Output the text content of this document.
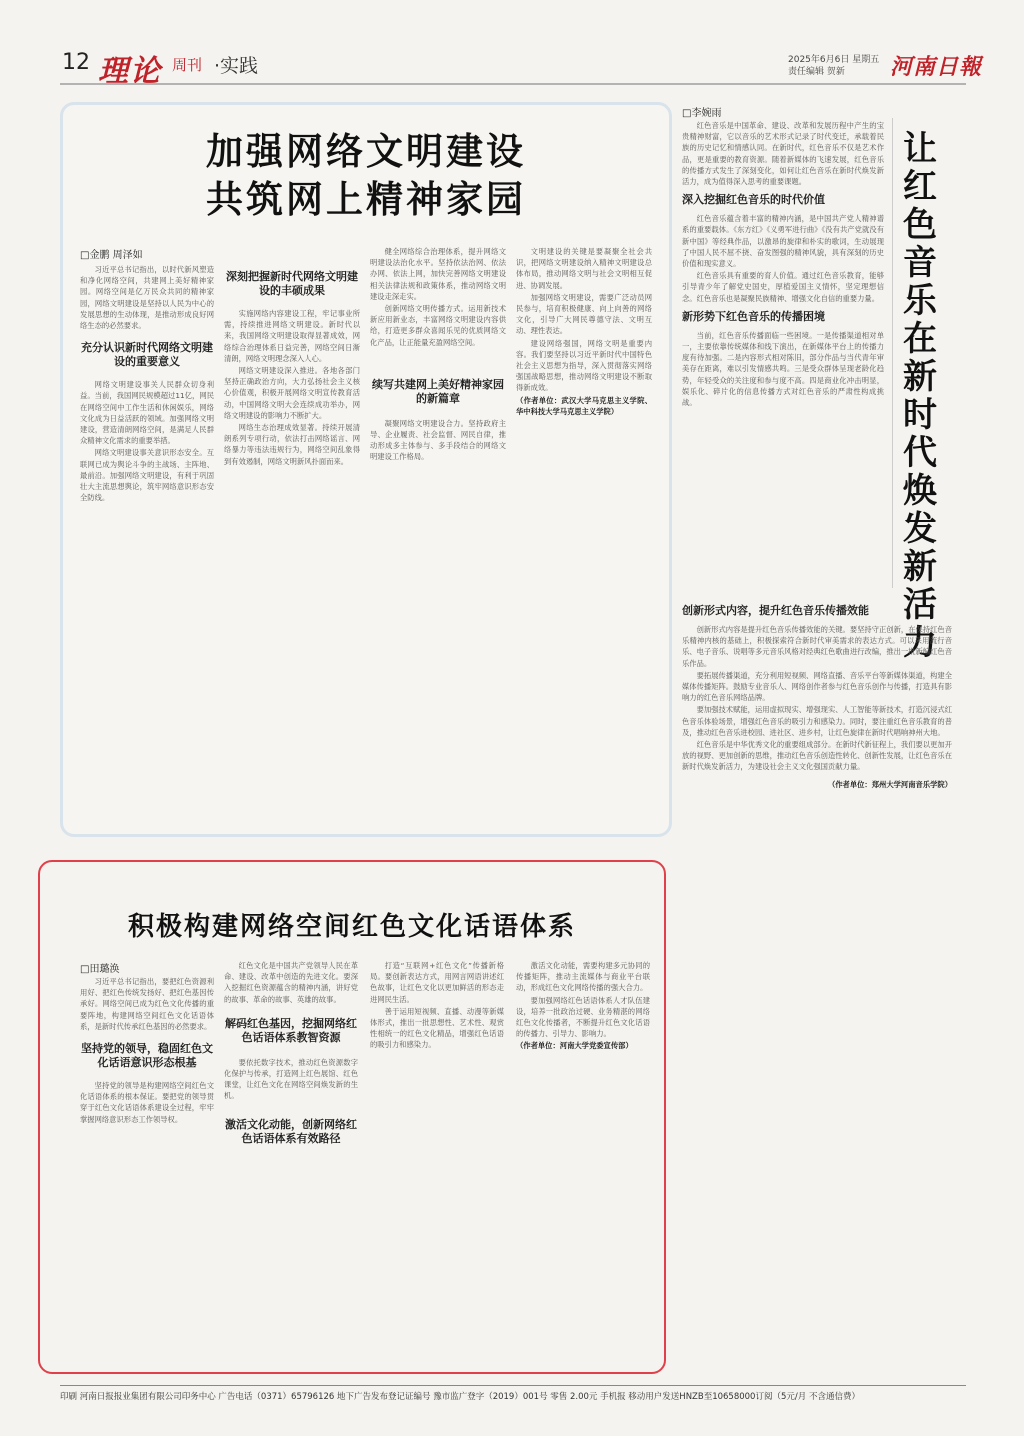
12 理论 周刊 ·实践	2025年6月6日 星期五
责任编辑 贺新 河南日報
加强网络文明建设
共筑网上精神家园
□金鹏 周泽如

习近平总书记指出，以时代新风塑造和净化网络空间，共建网上美好精神家园。网络空间是亿万民众共同的精神家园，网络文明建设是坚持以人民为中心的发展思想的生动体现，是推动形成良好网络生态的必然要求。

充分认识新时代网络文明建设的重要意义

网络文明建设事关人民群众切身利益。当前，我国网民规模超过11亿，网民在网络空间中工作生活和休闲娱乐，网络文化成为日益活跃的领域。加强网络文明建设，营造清朗网络空间，是满足人民群众精神文化需求的重要举措。

网络文明建设事关意识形态安全。互联网已成为舆论斗争的主战场、主阵地、最前沿。加强网络文明建设，有利于巩固壮大主流思想舆论，筑牢网络意识形态安全防线。

深刻把握新时代网络文明建设的丰硕成果

实施网络内容建设工程，牢记事业所需，持续推进网络文明建设。新时代以来，我国网络文明建设取得显著成效，网络综合治理体系日益完善，网络空间日渐清朗，网络文明理念深入人心。

网络文明建设深入推进。各地各部门坚持正确政治方向，大力弘扬社会主义核心价值观，积极开展网络文明宣传教育活动，中国网络文明大会连续成功举办，网络文明建设的影响力不断扩大。

网络生态治理成效显著。持续开展清朗系列专项行动，依法打击网络谣言、网络暴力等违法违规行为，网络空间乱象得到有效遏制，网络文明新风扑面而来。

健全网络综合治理体系，提升网络文明建设法治化水平。坚持依法治网、依法办网、依法上网，加快完善网络文明建设相关法律法规和政策体系，推动网络文明建设走深走实。

创新网络文明传播方式。运用新技术新应用新业态，丰富网络文明建设内容供给，打造更多群众喜闻乐见的优质网络文化产品，让正能量充盈网络空间。

续写共建网上美好精神家园的新篇章

凝聚网络文明建设合力。坚持政府主导、企业履责、社会监督、网民自律，推动形成多主体参与、多手段结合的网络文明建设工作格局。

文明建设的关键是要凝聚全社会共识，把网络文明建设纳入精神文明建设总体布局，推动网络文明与社会文明相互促进、协调发展。

加强网络文明建设，需要广泛动员网民参与，培育积极健康、向上向善的网络文化，引导广大网民尊德守法、文明互动、理性表达。

建设网络强国，网络文明是重要内容。我们要坚持以习近平新时代中国特色社会主义思想为指导，深入贯彻落实网络强国战略思想，推动网络文明建设不断取得新成效。

（作者单位：武汉大学马克思主义学院、华中科技大学马克思主义学院）

积极构建网络空间红色文化话语体系
□田璐涣

习近平总书记指出，要把红色资源利用好、把红色传统发扬好、把红色基因传承好。网络空间已成为红色文化传播的重要阵地，构建网络空间红色文化话语体系，是新时代传承红色基因的必然要求。

坚持党的领导，稳固红色文化话语意识形态根基

坚持党的领导是构建网络空间红色文化话语体系的根本保证。要把党的领导贯穿于红色文化话语体系建设全过程，牢牢掌握网络意识形态工作领导权。

红色文化是中国共产党领导人民在革命、建设、改革中创造的先进文化。要深入挖掘红色资源蕴含的精神内涵，讲好党的故事、革命的故事、英雄的故事。

解码红色基因，挖掘网络红色话语体系教智资源

要依托数字技术，推动红色资源数字化保护与传承，打造网上红色展馆、红色课堂，让红色文化在网络空间焕发新的生机。

激活文化动能，创新网络红色话语体系有效路径

打造“互联网+红色文化”传播新格局。要创新表达方式，用网言网语讲述红色故事，让红色文化以更加鲜活的形态走进网民生活。

善于运用短视频、直播、动漫等新媒体形式，推出一批思想性、艺术性、观赏性相统一的红色文化精品，增强红色话语的吸引力和感染力。

激活文化动能，需要构建多元协同的传播矩阵，推动主流媒体与商业平台联动，形成红色文化网络传播的强大合力。

要加强网络红色话语体系人才队伍建设，培养一批政治过硬、业务精湛的网络红色文化传播者，不断提升红色文化话语的传播力、引导力、影响力。

（作者单位：河南大学党委宣传部）

□李婉雨
让红色音乐在新时代焕发新活力

红色音乐是中国革命、建设、改革和发展历程中产生的宝贵精神财富，它以音乐的艺术形式记录了时代变迁，承载着民族的历史记忆和情感认同。在新时代，红色音乐不仅是艺术作品，更是重要的教育资源。随着新媒体的飞速发展，红色音乐的传播方式发生了深刻变化，如何让红色音乐在新时代焕发新活力，成为值得深入思考的重要课题。

深入挖掘红色音乐的时代价值

红色音乐蕴含着丰富的精神内涵，是中国共产党人精神谱系的重要载体。《东方红》《义勇军进行曲》《没有共产党就没有新中国》等经典作品，以激昂的旋律和朴实的歌词，生动展现了中国人民不屈不挠、奋发图强的精神风貌，具有深刻的历史价值和现实意义。

红色音乐具有重要的育人价值。通过红色音乐教育，能够引导青少年了解党史国史，厚植爱国主义情怀，坚定理想信念。红色音乐也是凝聚民族精神、增强文化自信的重要力量。

新形势下红色音乐的传播困境

当前，红色音乐传播面临一些困境。一是传播渠道相对单一，主要依靠传统媒体和线下演出，在新媒体平台上的传播力度有待加强。二是内容形式相对陈旧，部分作品与当代青年审美存在距离，难以引发情感共鸣。三是受众群体呈现老龄化趋势，年轻受众的关注度和参与度不高。四是商业化冲击明显，娱乐化、碎片化的信息传播方式对红色音乐的严肃性构成挑战。

创新形式内容，提升红色音乐传播效能

创新形式内容是提升红色音乐传播效能的关键。要坚持守正创新，在保持红色音乐精神内核的基础上，积极探索符合新时代审美需求的表达方式。可以采用流行音乐、电子音乐、说唱等多元音乐风格对经典红色歌曲进行改编，推出一批新编红色音乐作品。

要拓展传播渠道，充分利用短视频、网络直播、音乐平台等新媒体渠道，构建全媒体传播矩阵。鼓励专业音乐人、网络创作者参与红色音乐创作与传播，打造具有影响力的红色音乐网络品牌。

要加强技术赋能，运用虚拟现实、增强现实、人工智能等新技术，打造沉浸式红色音乐体验场景，增强红色音乐的吸引力和感染力。同时，要注重红色音乐教育的普及，推动红色音乐进校园、进社区、进乡村，让红色旋律在新时代唱响神州大地。

红色音乐是中华优秀文化的重要组成部分。在新时代新征程上，我们要以更加开放的视野、更加创新的思维，推动红色音乐创造性转化、创新性发展，让红色音乐在新时代焕发新活力，为建设社会主义文化强国贡献力量。

（作者单位：郑州大学河南音乐学院）

印刷 河南日报报业集团有限公司印务中心 广告电话（0371）65796126 地下广告发布登记证编号 豫市监广登字（2019）001号 零售 2.00元 手机报 移动用户发送HNZB至10658000订阅（5元/月 不含通信费）
